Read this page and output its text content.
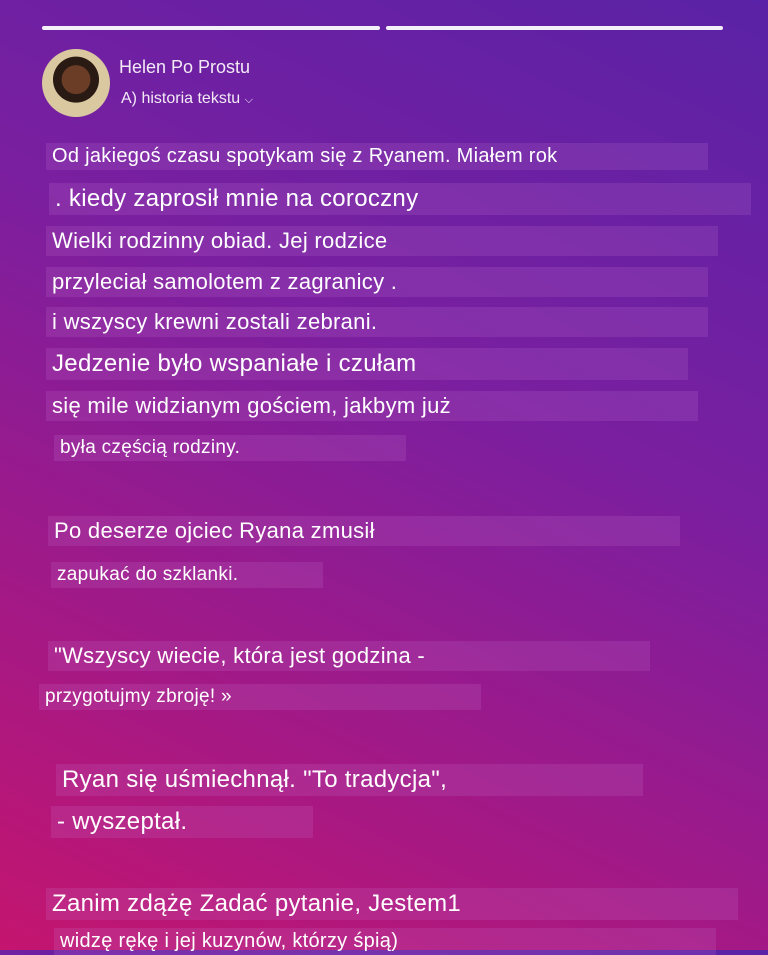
Helen Po Prostu
A) historia tekstu ⌵
Od jakiegoś czasu spotykam się z Ryanem. Miałem rok
. kiedy zaprosił mnie na coroczny
Wielki rodzinny obiad. Jej rodzice
przyleciał samolotem z zagranicy .
i wszyscy krewni zostali zebrani.
Jedzenie było wspaniałe i czułam
się mile widzianym gościem, jakbym już
była częścią rodziny.
Po deserze ojciec Ryana zmusił
zapukać do szklanki.
"Wszyscy wiecie, która jest godzina -
przygotujmy zbroję! »
Ryan się uśmiechnął. "To tradycja",
- wyszeptał.
Zanim zdążę Zadać pytanie, Jestem1
widzę rękę i jej kuzynów, którzy śpią)
